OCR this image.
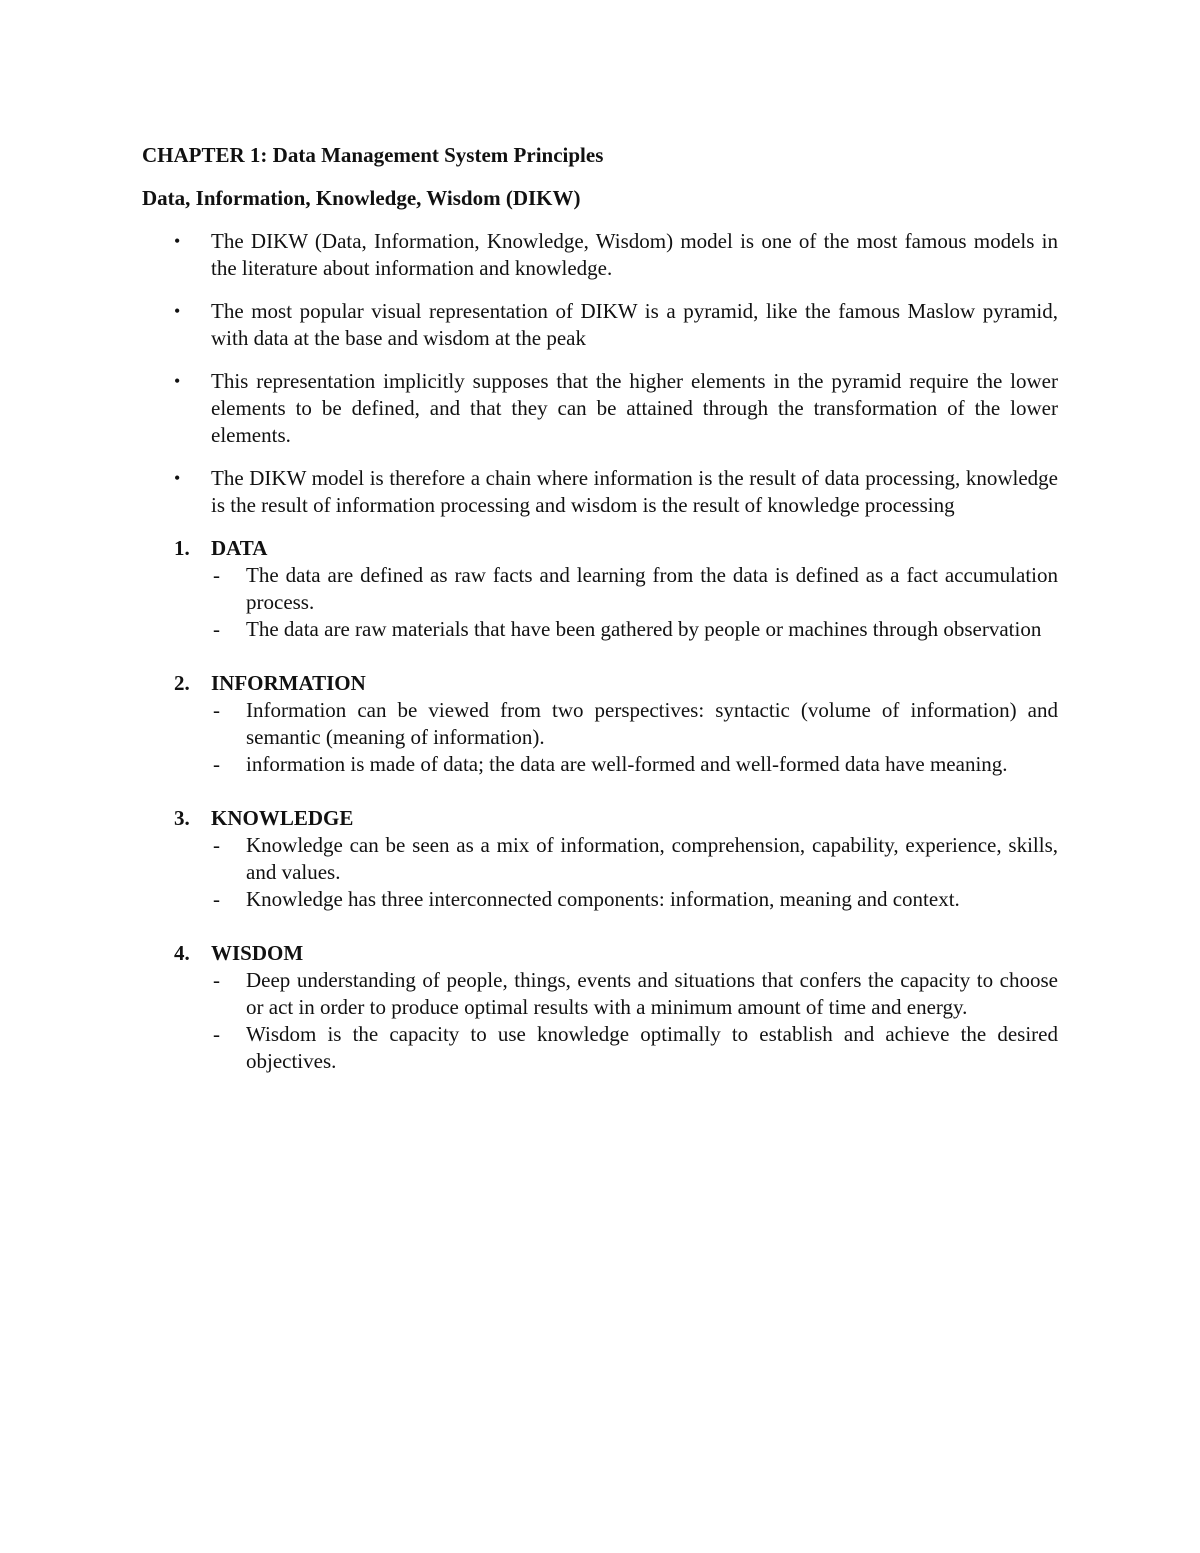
CHAPTER 1: Data Management System Principles
Data, Information, Knowledge, Wisdom (DIKW)
• The DIKW (Data, Information, Knowledge, Wisdom) model is one of the most famous models in the literature about information and knowledge.
• The most popular visual representation of DIKW is a pyramid, like the famous Maslow pyramid, with data at the base and wisdom at the peak
• This representation implicitly supposes that the higher elements in the pyramid require the lower elements to be defined, and that they can be attained through the transformation of the lower elements.
• The DIKW model is therefore a chain where information is the result of data processing, knowledge is the result of information processing and wisdom is the result of knowledge processing
1. DATA
- The data are defined as raw facts and learning from the data is defined as a fact accumulation process.
- The data are raw materials that have been gathered by people or machines through observation
2. INFORMATION
- Information can be viewed from two perspectives: syntactic (volume of information) and semantic (meaning of information).
- information is made of data; the data are well-formed and well-formed data have meaning.
3. KNOWLEDGE
- Knowledge can be seen as a mix of information, comprehension, capability, experience, skills, and values.
- Knowledge has three interconnected components: information, meaning and context.
4. WISDOM
- Deep understanding of people, things, events and situations that confers the capacity to choose or act in order to produce optimal results with a minimum amount of time and energy.
- Wisdom is the capacity to use knowledge optimally to establish and achieve the desired objectives.
